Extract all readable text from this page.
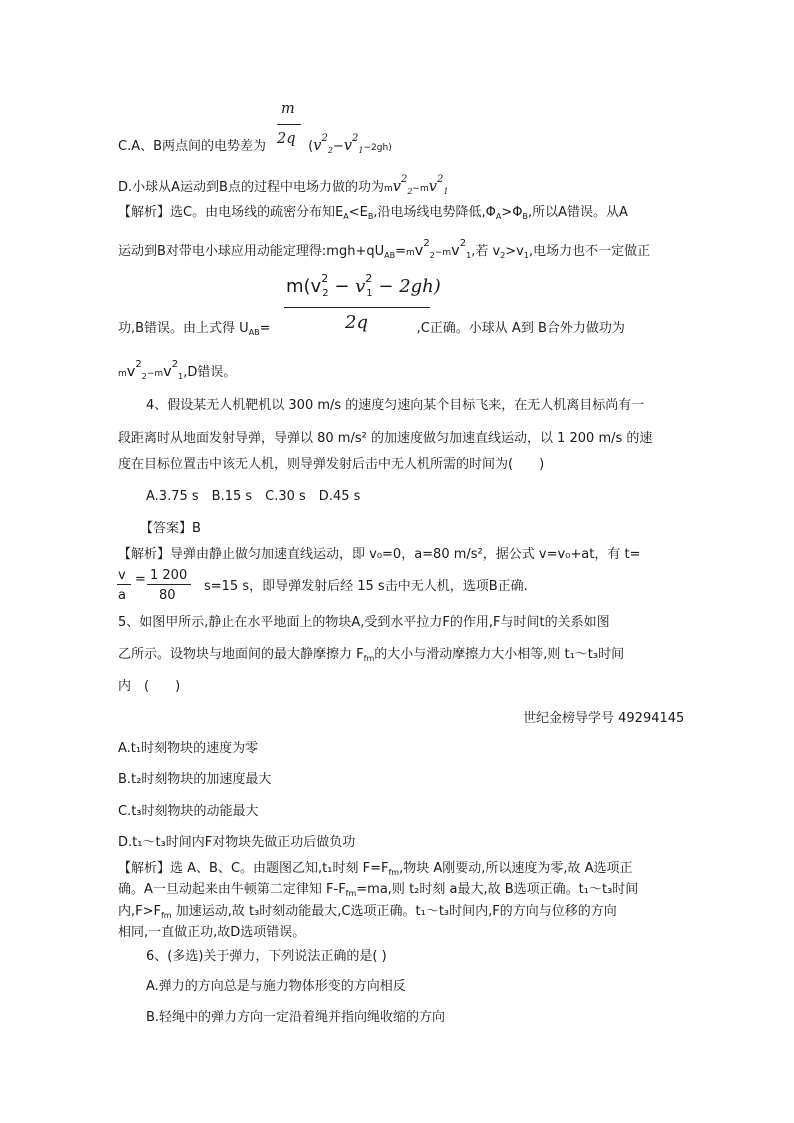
m
2q
C.A、B两点间的电势差为	$(v^2_2-v^2_1-2gh)$
D.小球从A运动到B点的过程中电场力做的功为$mv^2_2-mv^2_1$
【解析】选C。由电场线的疏密分布知$E_A<E_B$,沿电场线电势降低$,\Phi_A>\Phi_B$,所以A错误。从A
运动到B对带电小球应用动能定理得$:mgh+qU_{AB}=mv^2_2-mv^2_1$,若 $v_2>v_1$,电场力也不一定做正
$m(v^2_2 - v^2_1 - 2gh)$
2q
功,B错误。由上式得 $U_{AB}=$	,C正确。小球从 A到 B合外力做功为
$mv^2_2-mv^2_1,D$错误。
4、假设某无人机靶机以 300 m/s 的速度匀速向某个目标飞来，在无人机离目标尚有一
段距离时从地面发射导弹，导弹以 80 m/s² 的加速度做匀加速直线运动，以 1 200 m/s 的速
度在目标位置击中该无人机，则导弹发射后击中无人机所需的时间为(　　)
A.3.75 s　B.15 s　C.30 s　D.45 s
【答案】B
【解析】导弹由静止做匀加速直线运动，即 v₀=0，a=80 m/s²，据公式 v=v₀+at，有 t=
v
a
= 1 200
80
s=15 s，即导弹发射后经 15 s击中无人机，选项B正确.
5、如图甲所示,静止在水平地面上的物块A,受到水平拉力F的作用,F与时间t的关系如图
乙所示。设物块与地面间的最大静摩擦力 $F_{fm}$的大小与滑动摩擦力大小相等,则 t₁～t₃时间
内　(　　)
世纪金榜导学号 49294145
A.t₁时刻物块的速度为零
B.t₂时刻物块的加速度最大
C.t₃时刻物块的动能最大
D.t₁～t₃时间内F对物块先做正功后做负功
【解析】选 A、B、C。由题图乙知,t₁时刻 $F=F_{fm}$,物块 A刚要动,所以速度为零,故 A选项正
确。A一旦动起来由牛顿第二定律知 $F-F_{fm}=ma$,则 t₂时刻 a最大,故 B选项正确。t₁～t₃时间
内$,F>F_{fm}$ 加速运动,故 t₃时刻动能最大,C选项正确。t₁～t₃时间内,F的方向与位移的方向
相同,一直做正功,故D选项错误。
6、(多选)关于弹力，下列说法正确的是( )
A.弹力的方向总是与施力物体形变的方向相反
B.轻绳中的弹力方向一定沿着绳并指向绳收缩的方向
